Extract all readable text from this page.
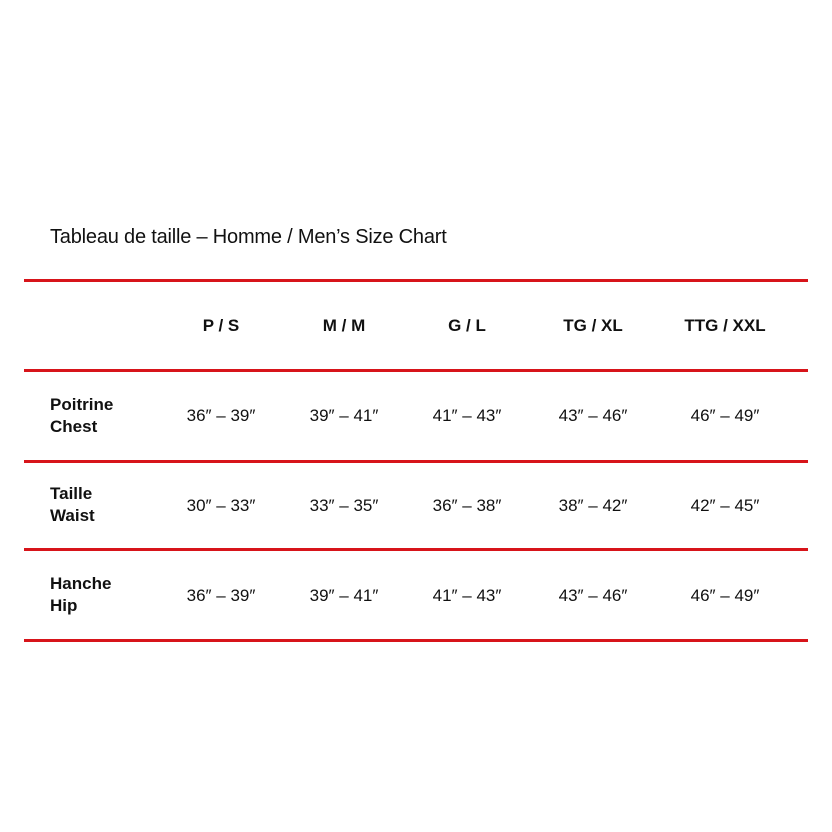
Tableau de taille – Homme / Men’s Size Chart
P / S	M / M	G / L	TG / XL	TTG / XXL
Poitrine
Chest
36″ – 39″	39″ – 41″	41″ – 43″	43″ – 46″	46″ – 49″
Taille
Waist
30″ – 33″	33″ – 35″	36″ – 38″	38″ – 42″	42″ – 45″
Hanche
Hip
36″ – 39″	39″ – 41″	41″ – 43″	43″ – 46″	46″ – 49″
